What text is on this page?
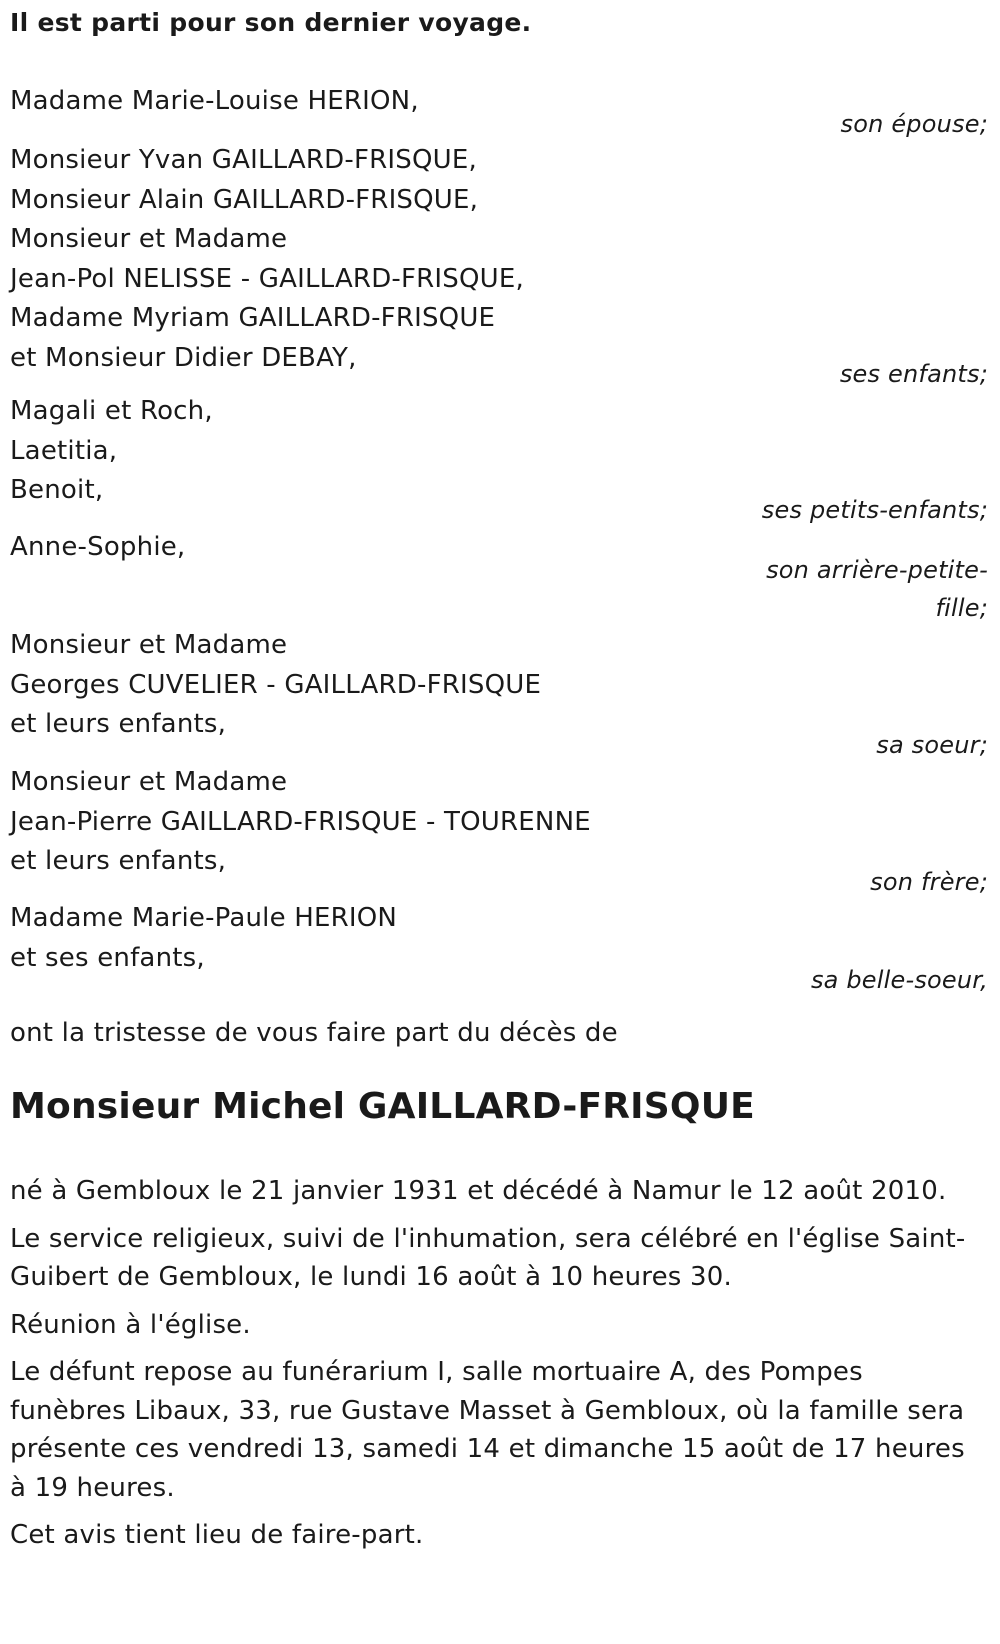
Il est parti pour son dernier voyage.
Madame Marie-Louise HERION,
son épouse;
Monsieur Yvan GAILLARD-FRISQUE,
Monsieur Alain GAILLARD-FRISQUE,
Monsieur et Madame
Jean-Pol NELISSE - GAILLARD-FRISQUE,
Madame Myriam GAILLARD-FRISQUE
et Monsieur Didier DEBAY,
ses enfants;
Magali et Roch,
Laetitia,
Benoit,
ses petits-enfants;
Anne-Sophie,
son arrière-petite-
fille;
Monsieur et Madame
Georges CUVELIER - GAILLARD-FRISQUE
et leurs enfants,
sa soeur;
Monsieur et Madame
Jean-Pierre GAILLARD-FRISQUE - TOURENNE
et leurs enfants,
son frère;
Madame Marie-Paule HERION
et ses enfants,
sa belle-soeur,
ont la tristesse de vous faire part du décès de
Monsieur Michel GAILLARD-FRISQUE

né à Gembloux le 21 janvier 1931 et décédé à Namur le 12 août 2010.

Le service religieux, suivi de l'inhumation, sera célébré en l'église Saint-Guibert de Gembloux, le lundi 16 août à 10 heures 30.

Réunion à l'église.

Le défunt repose au funérarium I, salle mortuaire A, des Pompes funèbres Libaux, 33, rue Gustave Masset à Gembloux, où la famille sera présente ces vendredi 13, samedi 14 et dimanche 15 août de 17 heures à 19 heures.

Cet avis tient lieu de faire-part.
